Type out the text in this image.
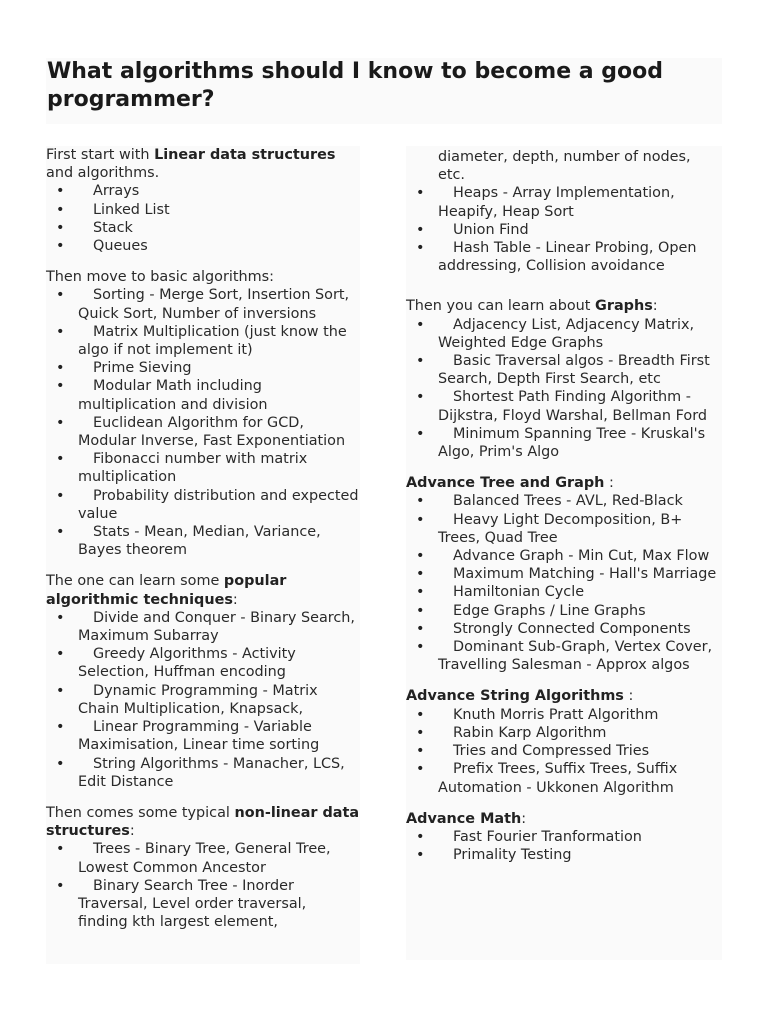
What algorithms should I know to become a good programmer?

First start with Linear data structures and algorithms.

• Arrays
• Linked List
• Stack
• Queues

Then move to basic algorithms:

• Sorting - Merge Sort, Insertion Sort, Quick Sort, Number of inversions
• Matrix Multiplication (just know the algo if not implement it)
• Prime Sieving
• Modular Math including multiplication and division
• Euclidean Algorithm for GCD, Modular Inverse, Fast Exponentiation
• Fibonacci number with matrix multiplication
• Probability distribution and expected value
• Stats - Mean, Median, Variance, Bayes theorem

The one can learn some popular algorithmic techniques:

• Divide and Conquer - Binary Search, Maximum Subarray
• Greedy Algorithms - Activity Selection, Huffman encoding
• Dynamic Programming - Matrix Chain Multiplication, Knapsack,
• Linear Programming - Variable Maximisation, Linear time sorting
• String Algorithms - Manacher, LCS, Edit Distance

Then comes some typical non-linear data structures:

• Trees - Binary Tree, General Tree, Lowest Common Ancestor
• Binary Search Tree - Inorder Traversal, Level order traversal, finding kth largest element,

diameter, depth, number of nodes, etc.

• Heaps - Array Implementation, Heapify, Heap Sort
• Union Find
• Hash Table - Linear Probing, Open addressing, Collision avoidance

Then you can learn about Graphs:

• Adjacency List, Adjacency Matrix, Weighted Edge Graphs
• Basic Traversal algos - Breadth First Search, Depth First Search, etc
• Shortest Path Finding Algorithm - Dijkstra, Floyd Warshal, Bellman Ford
• Minimum Spanning Tree - Kruskal's Algo, Prim's Algo

Advance Tree and Graph :

• Balanced Trees - AVL, Red-Black
• Heavy Light Decomposition, B+ Trees, Quad Tree
• Advance Graph - Min Cut, Max Flow
• Maximum Matching - Hall's Marriage
• Hamiltonian Cycle
• Edge Graphs / Line Graphs
• Strongly Connected Components
• Dominant Sub-Graph, Vertex Cover, Travelling Salesman - Approx algos

Advance String Algorithms :

• Knuth Morris Pratt Algorithm
• Rabin Karp Algorithm
• Tries and Compressed Tries
• Prefix Trees, Suffix Trees, Suffix Automation - Ukkonen Algorithm

Advance Math:

• Fast Fourier Tranformation
• Primality Testing
